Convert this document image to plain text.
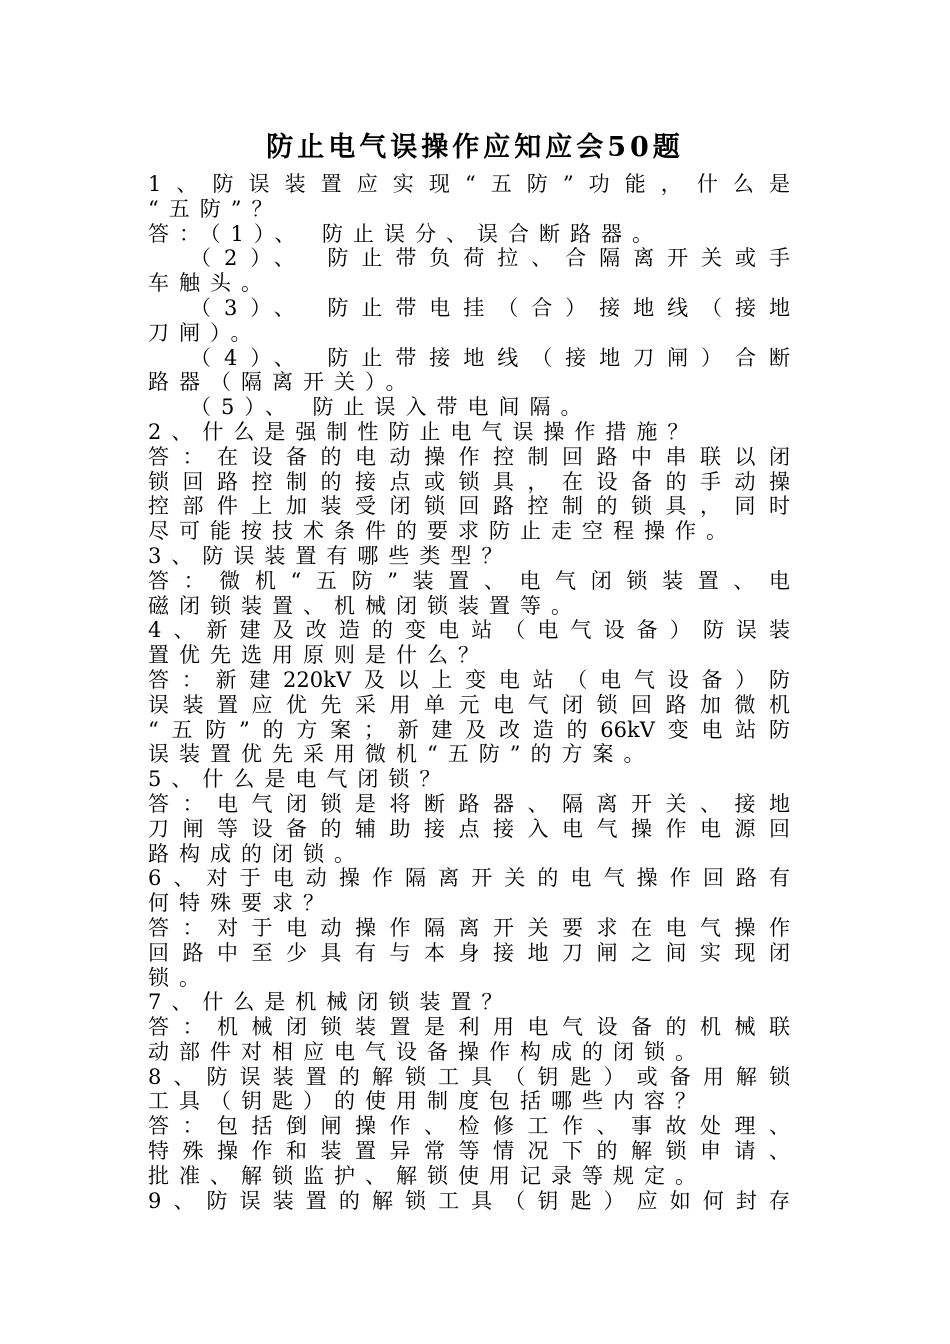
防止电气误操作应知应会50题
1、防误装置应实现“五防”功能，什么是
“五防”？
答：（1）、 防止误分、误合断路器。
（2）、 防止带负荷拉、合隔离开关或手
车触头。
（3）、 防止带电挂（合）接地线（接地
刀闸）。
（4）、 防止带接地线（接地刀闸）合断
路器（隔离开关）。
（5）、 防止误入带电间隔。
2、什么是强制性防止电气误操作措施？
答：在设备的电动操作控制回路中串联以闭
锁回路控制的接点或锁具，在设备的手动操
控部件上加装受闭锁回路控制的锁具，同时
尽可能按技术条件的要求防止走空程操作。
3、防误装置有哪些类型？
答：微机“五防”装置、电气闭锁装置、电
磁闭锁装置、机械闭锁装置等。
4、新建及改造的变电站（电气设备）防误装
置优先选用原则是什么？
答：新建220kV及以上变电站（电气设备）防
误装置应优先采用单元电气闭锁回路加微机
“五防”的方案；新建及改造的66kV变电站防
误装置优先采用微机“五防”的方案。
5、什么是电气闭锁？
答：电气闭锁是将断路器、隔离开关、接地
刀闸等设备的辅助接点接入电气操作电源回
路构成的闭锁。
6、对于电动操作隔离开关的电气操作回路有
何特殊要求？
答：对于电动操作隔离开关要求在电气操作
回路中至少具有与本身接地刀闸之间实现闭
锁。
7、什么是机械闭锁装置？
答：机械闭锁装置是利用电气设备的机械联
动部件对相应电气设备操作构成的闭锁。
8、防误装置的解锁工具（钥匙）或备用解锁
工具（钥匙）的使用制度包括哪些内容？
答：包括倒闸操作、检修工作、事故处理、
特殊操作和装置异常等情况下的解锁申请、
批准、解锁监护、解锁使用记录等规定。
9、防误装置的解锁工具（钥匙）应如何封存
